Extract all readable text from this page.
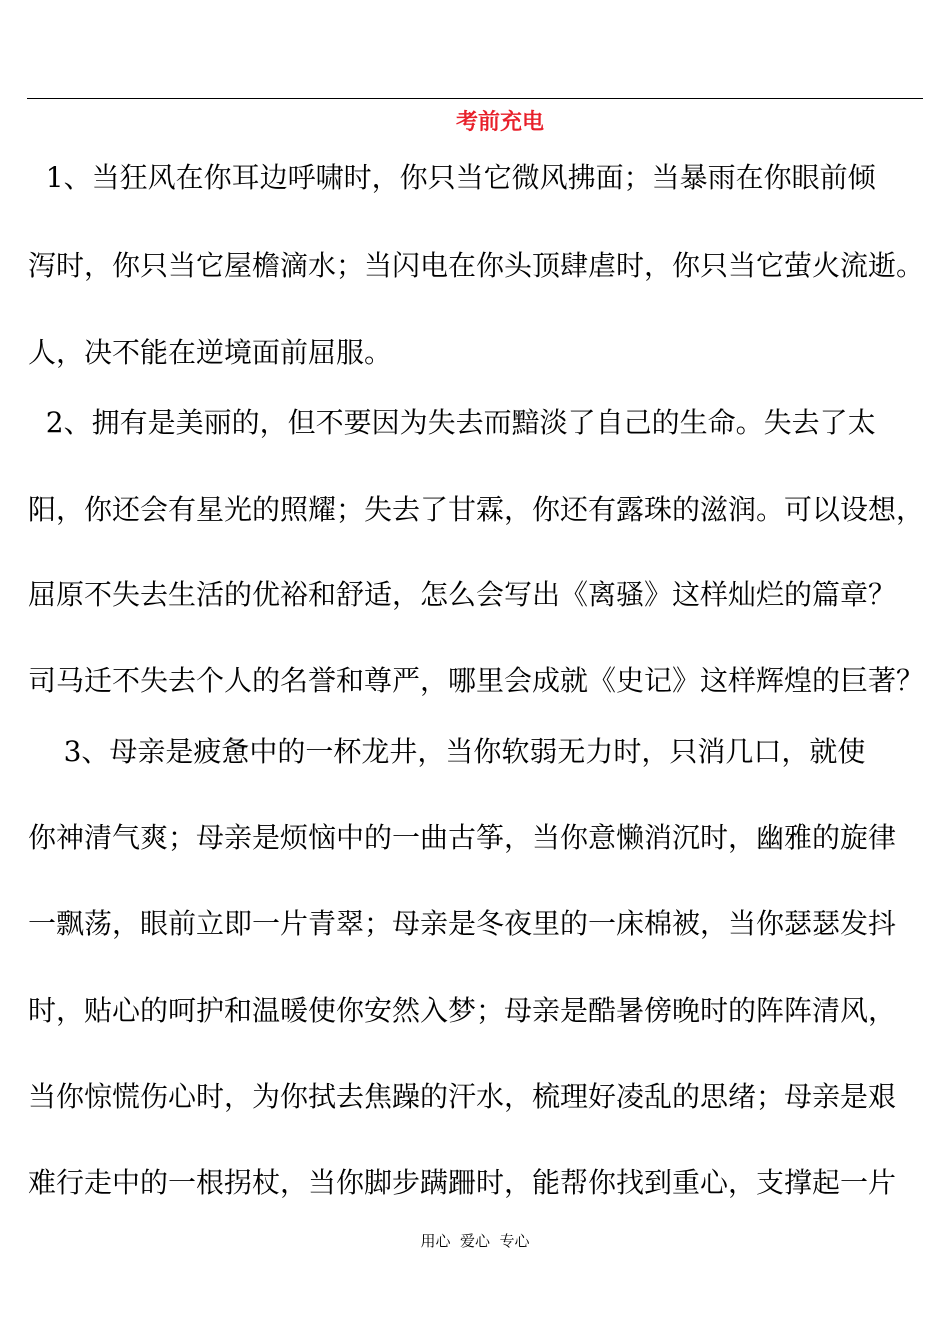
考前充电
1、当狂风在你耳边呼啸时，你只当它微风拂面；当暴雨在你眼前倾
泻时，你只当它屋檐滴水；当闪电在你头顶肆虐时，你只当它萤火流逝。
人，决不能在逆境面前屈服。
2、拥有是美丽的，但不要因为失去而黯淡了自己的生命。失去了太
阳，你还会有星光的照耀；失去了甘霖，你还有露珠的滋润。可以设想，
屈原不失去生活的优裕和舒适，怎么会写出《离骚》这样灿烂的篇章？
司马迁不失去个人的名誉和尊严，哪里会成就《史记》这样辉煌的巨著？
3、母亲是疲惫中的一杯龙井，当你软弱无力时，只消几口，就使
你神清气爽；母亲是烦恼中的一曲古筝，当你意懒消沉时，幽雅的旋律
一飘荡，眼前立即一片青翠；母亲是冬夜里的一床棉被，当你瑟瑟发抖
时，贴心的呵护和温暖使你安然入梦；母亲是酷暑傍晚时的阵阵清风，
当你惊慌伤心时，为你拭去焦躁的汗水，梳理好凌乱的思绪；母亲是艰
难行走中的一根拐杖，当你脚步蹒跚时，能帮你找到重心，支撑起一片
用心  爱心  专心
